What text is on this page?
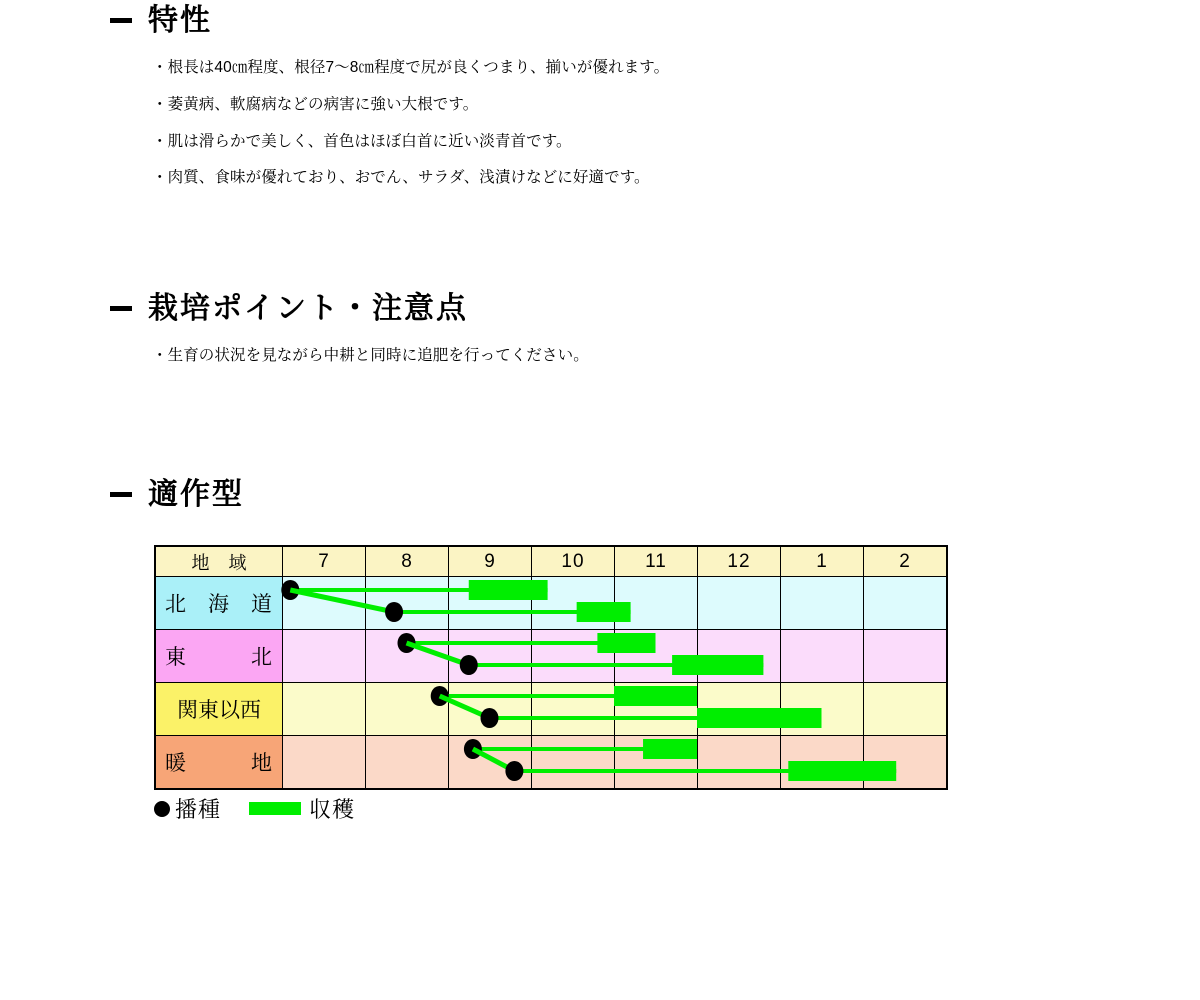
特性
・根長は40㎝程度、根径7〜8㎝程度で尻が良くつまり、揃いが優れます。
・萎黄病、軟腐病などの病害に強い大根です。
・肌は滑らかで美しく、首色はほぼ白首に近い淡青首です。
・肉質、食味が優れており、おでん、サラダ、浅漬けなどに好適です。
栽培ポイント・注意点
・生育の状況を見ながら中耕と同時に追肥を行ってください。
適作型
地 域	7	8	9	10	11	12	1	2

北 海 道								

東 北								

関東以西								

暖 地								

播種	収穫
